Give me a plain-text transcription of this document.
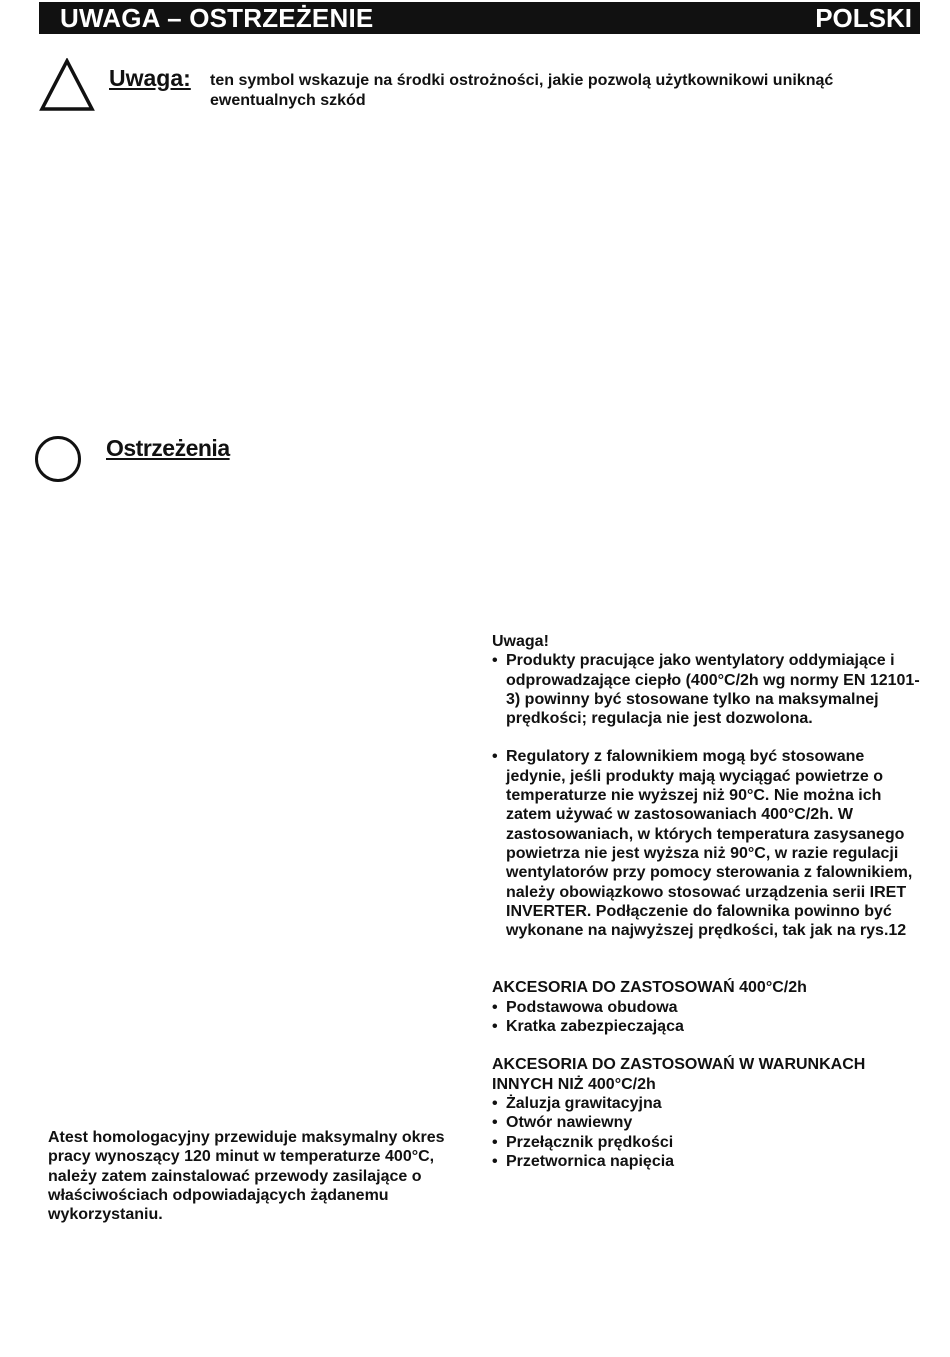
UWAGA – OSTRZEŻENIE	POLSKI
Uwaga: ten symbol wskazuje na środki ostrożności, jakie pozwolą użytkownikowi uniknąć ewentualnych szkód
Ostrzeżenia

Uwaga!

• Produkty pracujące jako wentylatory oddymiające i odprowadzające ciepło (400°C/2h wg normy EN 12101-3) powinny być stosowane tylko na maksymalnej prędkości; regulacja nie jest dozwolona.
• Regulatory z falownikiem mogą być stosowane jedynie, jeśli produkty mają wyciągać powietrze o temperaturze nie wyższej niż 90°C. Nie można ich zatem używać w zastosowaniach 400°C/2h. W zastosowaniach, w których temperatura zasysanego powietrza nie jest wyższa niż 90°C, w razie regulacji wentylatorów przy pomocy sterowania z falownikiem, należy obowiązkowo stosować urządzenia serii IRET INVERTER. Podłączenie do falownika powinno być wykonane na najwyższej prędkości, tak jak na rys.12

AKCESORIA DO ZASTOSOWAŃ 400°C/2h

• Podstawowa obudowa
• Kratka zabezpieczająca

AKCESORIA DO ZASTOSOWAŃ W WARUNKACH INNYCH NIŻ 400°C/2h

• Żaluzja grawitacyjna
• Otwór nawiewny
• Przełącznik prędkości
• Przetwornica napięcia
Atest homologacyjny przewiduje maksymalny okres pracy wynoszący 120 minut w temperaturze 400°C, należy zatem zainstalować przewody zasilające o właściwościach odpowiadających żądanemu wykorzystaniu.
